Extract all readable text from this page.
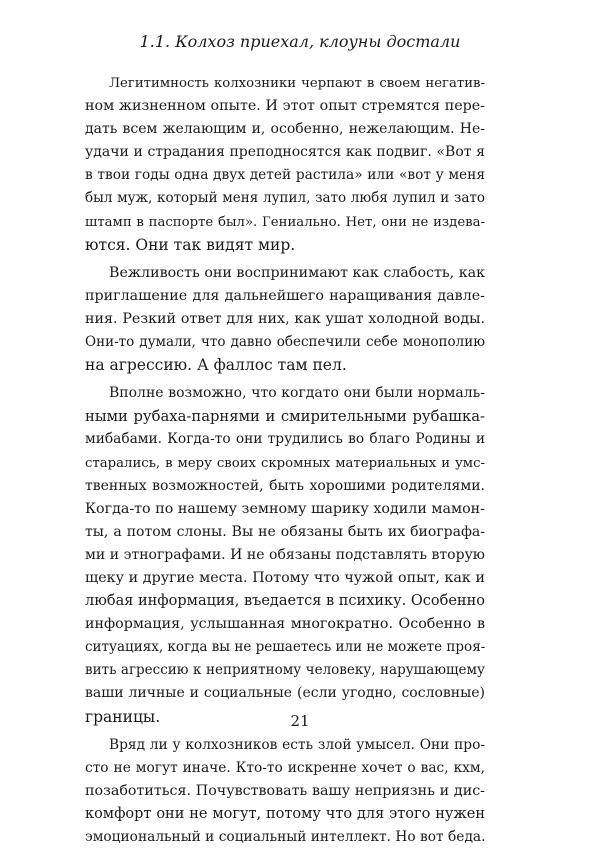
1.1. Колхоз приехал, клоуны достали
Легитимность колхозники черпают в своем негатив-
ном жизненном опыте. И этот опыт стремятся пере-
дать всем желающим и, особенно, нежелающим. Не-
удачи и страдания преподносятся как подвиг. «Вот я
в твои годы одна двух детей растила» или «вот у меня
был муж, который меня лупил, зато любя лупил и зато
штамп в паспорте был». Гениально. Нет, они не издева-
ются. Они так видят мир.
Вежливость они воспринимают как слабость, как
приглашение для дальнейшего наращивания давле-
ния. Резкий ответ для них, как ушат холодной воды.
Они-то думали, что давно обеспечили себе монополию
на агрессию. А фаллос там пел.
Вполне возможно, что когдато они были нормаль-
ными рубаха-парнями и смирительными рубашка-
мибабами. Когда-то они трудились во благо Родины и
старались, в меру своих скромных материальных и умс-
твенных возможностей, быть хорошими родителями.
Когда-то по нашему земному шарику ходили мамон-
ты, а потом слоны. Вы не обязаны быть их биографа-
ми и этнографами. И не обязаны подставлять вторую
щеку и другие места. Потому что чужой опыт, как и
любая информация, въедается в психику. Особенно
информация, услышанная многократно. Особенно в
ситуациях, когда вы не решаетесь или не можете проя-
вить агрессию к неприятному человеку, нарушающему
ваши личные и социальные (если угодно, сословные)
границы.
Вряд ли у колхозников есть злой умысел. Они про-
сто не могут иначе. Кто-то искренне хочет о вас, кхм,
позаботиться. Почувствовать вашу неприязнь и дис-
комфорт они не могут, потому что для этого нужен
эмоциональный и социальный интеллект. Но вот беда.
21
